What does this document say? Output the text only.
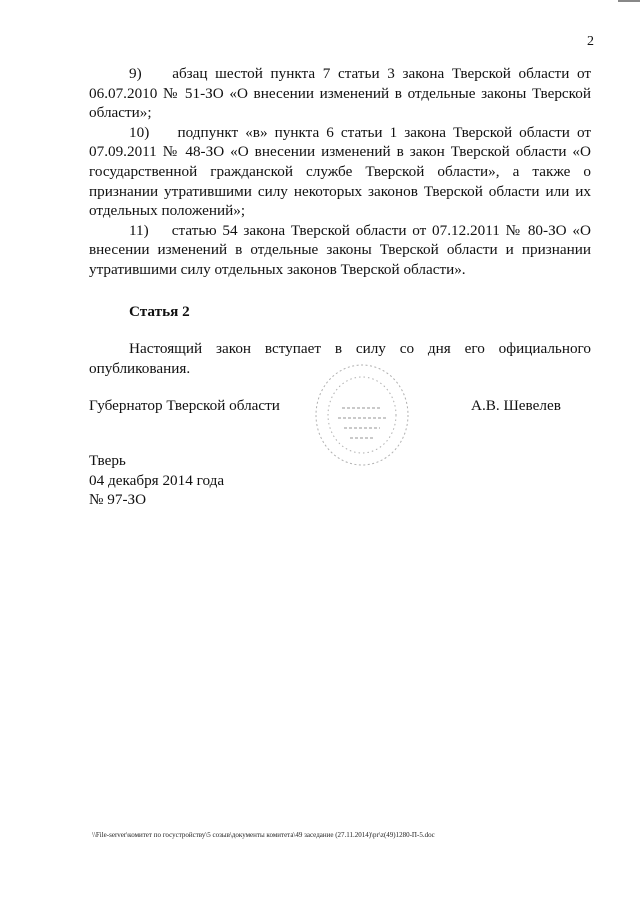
2

9)    абзац шестой пункта 7 статьи 3 закона Тверской области от 06.07.2010 № 51-ЗО «О внесении изменений в отдельные законы Тверской области»;

10)    подпункт «в» пункта 6 статьи 1 закона Тверской области от 07.09.2011 № 48-ЗО «О внесении изменений в закон Тверской области «О государственной гражданской службе Тверской области», а также о признании утратившими силу некоторых законов Тверской области или их отдельных положений»;

11)    статью 54 закона Тверской области от 07.12.2011 № 80-ЗО «О внесении изменений в отдельные законы Тверской области и признании утратившими силу отдельных законов Тверской области».

Статья 2

Настоящий закон вступает в силу со дня его официального опубликования.

Губернатор Тверской области	А.В. Шевелев
Тверь
04 декабря 2014 года
№ 97-ЗО
\\File-server\комитет по госустройству\5 созыв\документы комитета\49 заседание (27.11.2014)\pr\z(49)1280-П-5.doc
